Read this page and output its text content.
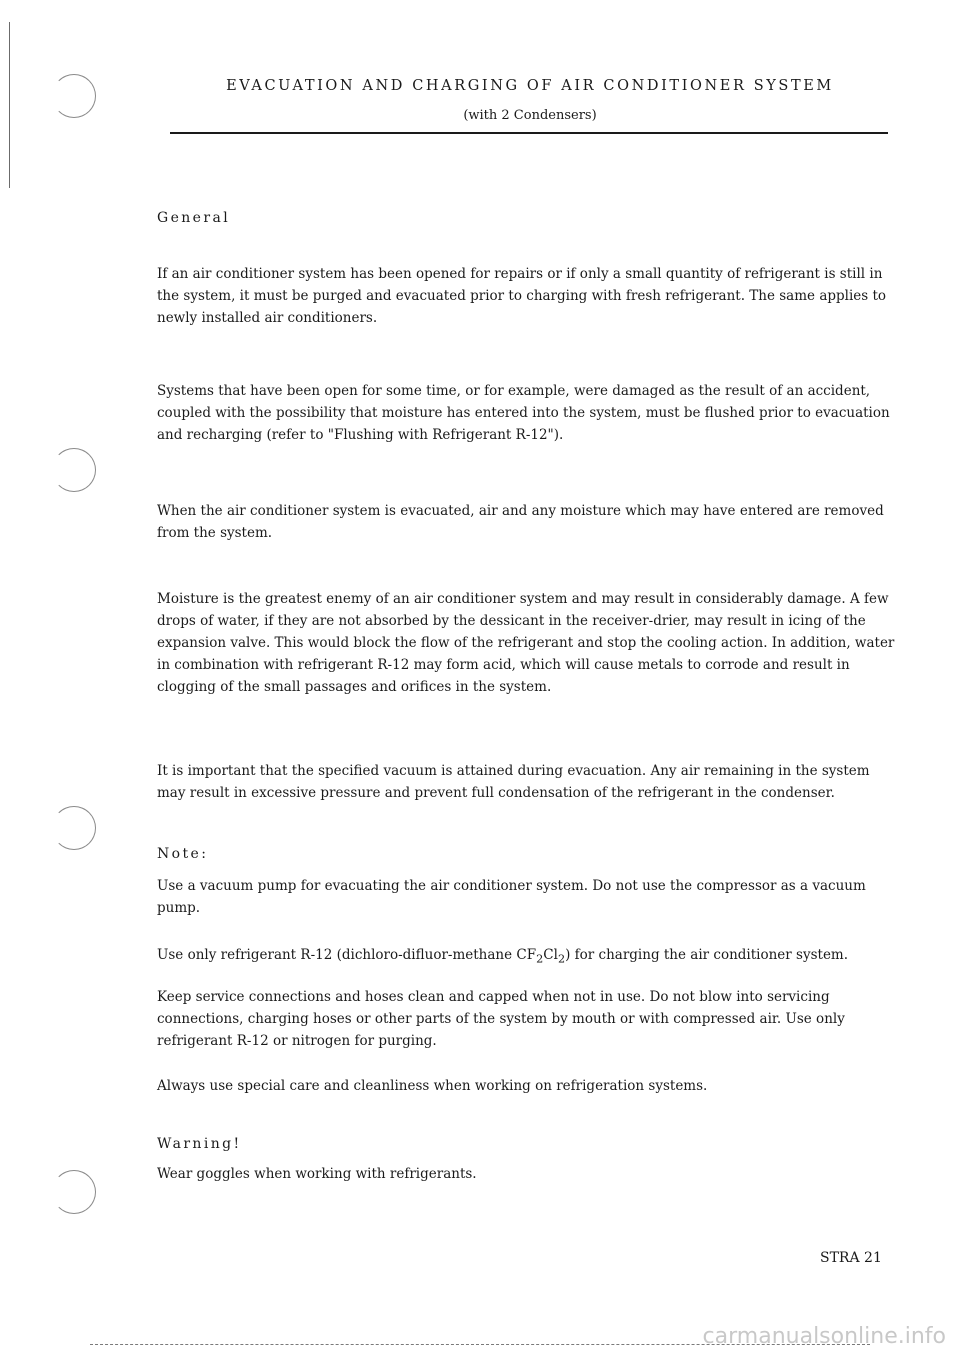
EVACUATION AND CHARGING OF AIR CONDITIONER SYSTEM
(with 2 Condensers)
General

If an air conditioner system has been opened for repairs or if only a small quantity of refrigerant is still in the system, it must be purged and evacuated prior to charging with fresh refrigerant. The same applies to newly installed air conditioners.

Systems that have been open for some time, or for example, were damaged as the result of an accident, coupled with the possibility that moisture has entered into the system, must be flushed prior to evacuation and recharging (refer to "Flushing with Refrigerant R-12").

When the air conditioner system is evacuated, air and any moisture which may have entered are removed from the system.

Moisture is the greatest enemy of an air conditioner system and may result in considerably damage. A few drops of water, if they are not absorbed by the dessicant in the receiver-drier, may result in icing of the expansion valve. This would block the flow of the refrigerant and stop the cooling action. In addition, water in combination with refrigerant R-12 may form acid, which will cause metals to corrode and result in clogging of the small passages and orifices in the system.

It is important that the specified vacuum is attained during evacuation. Any air remaining in the system may result in excessive pressure and prevent full condensation of the refrigerant in the condenser.

Note:

Use a vacuum pump for evacuating the air conditioner system. Do not use the compressor as a vacuum pump.

Use only refrigerant R-12 (dichloro-difluor-methane $CF_2Cl_2$) for charging the air conditioner system.

Keep service connections and hoses clean and capped when not in use. Do not blow into servicing connections, charging hoses or other parts of the system by mouth or with compressed air. Use only refrigerant R-12 or nitrogen for purging.

Always use special care and cleanliness when working on refrigeration systems.

Warning!

Wear goggles when working with refrigerants.

STRA 21
carmanualsonline.info
